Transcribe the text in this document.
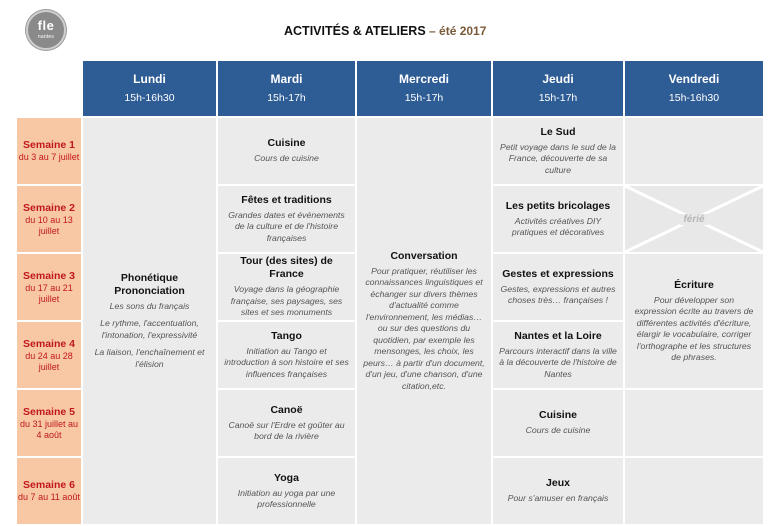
fle
nantes	ACTIVITÉS & ATELIERS – été 2017
Lundi
15h-16h30
Mardi
15h-17h
Mercredi
15h-17h
Jeudi
15h-17h
Vendredi
15h-16h30
Semaine 1
du 3 au 7 juillet
Semaine 2
du 10 au 13 juillet
Semaine 3
du 17 au 21 juillet
Semaine 4
du 24 au 28 juillet
Semaine 5
du 31 juillet au 4 août
Semaine 6
du 7 au 11 août
Phonétique Prononciation
Les sons du français
Le rythme, l'accentuation, l'intonation, l'expressivité
La liaison, l'enchaînement et l'élision
Cuisine
Cours de cuisine
Fêtes et traditions
Grandes dates et événements de la culture et de l'histoire françaises
Tour (des sites) de France
Voyage dans la géographie française, ses paysages, ses sites et ses monuments
Tango
Initiation au Tango et introduction à son histoire et ses influences françaises
Canoë
Canoë sur l'Erdre et goûter au bord de la rivière
Yoga
Initiation au yoga par une professionnelle
Conversation
Pour pratiquer, réutiliser les connaissances linguistiques et échanger sur divers thèmes d'actualité comme l'environnement, les médias… ou sur des questions du quotidien, par exemple les mensonges, les choix, les peurs… à partir d'un document, d'un jeu, d'une chanson, d'une citation,etc.
Le Sud
Petit voyage dans le sud de la France, découverte de sa culture
Les petits bricolages
Activités créatives DIY pratiques et décoratives
Gestes et expressions
Gestes, expressions et autres choses très… françaises !
Nantes et la Loire
Parcours interactif dans la ville à la découverte de l'histoire de Nantes
Cuisine
Cours de cuisine
Jeux
Pour s'amuser en français
férié
Écriture
Pour développer son expression écrite au travers de différentes activités d'écriture, élargir le vocabulaire, corriger l'orthographe et les structures de phrases.
